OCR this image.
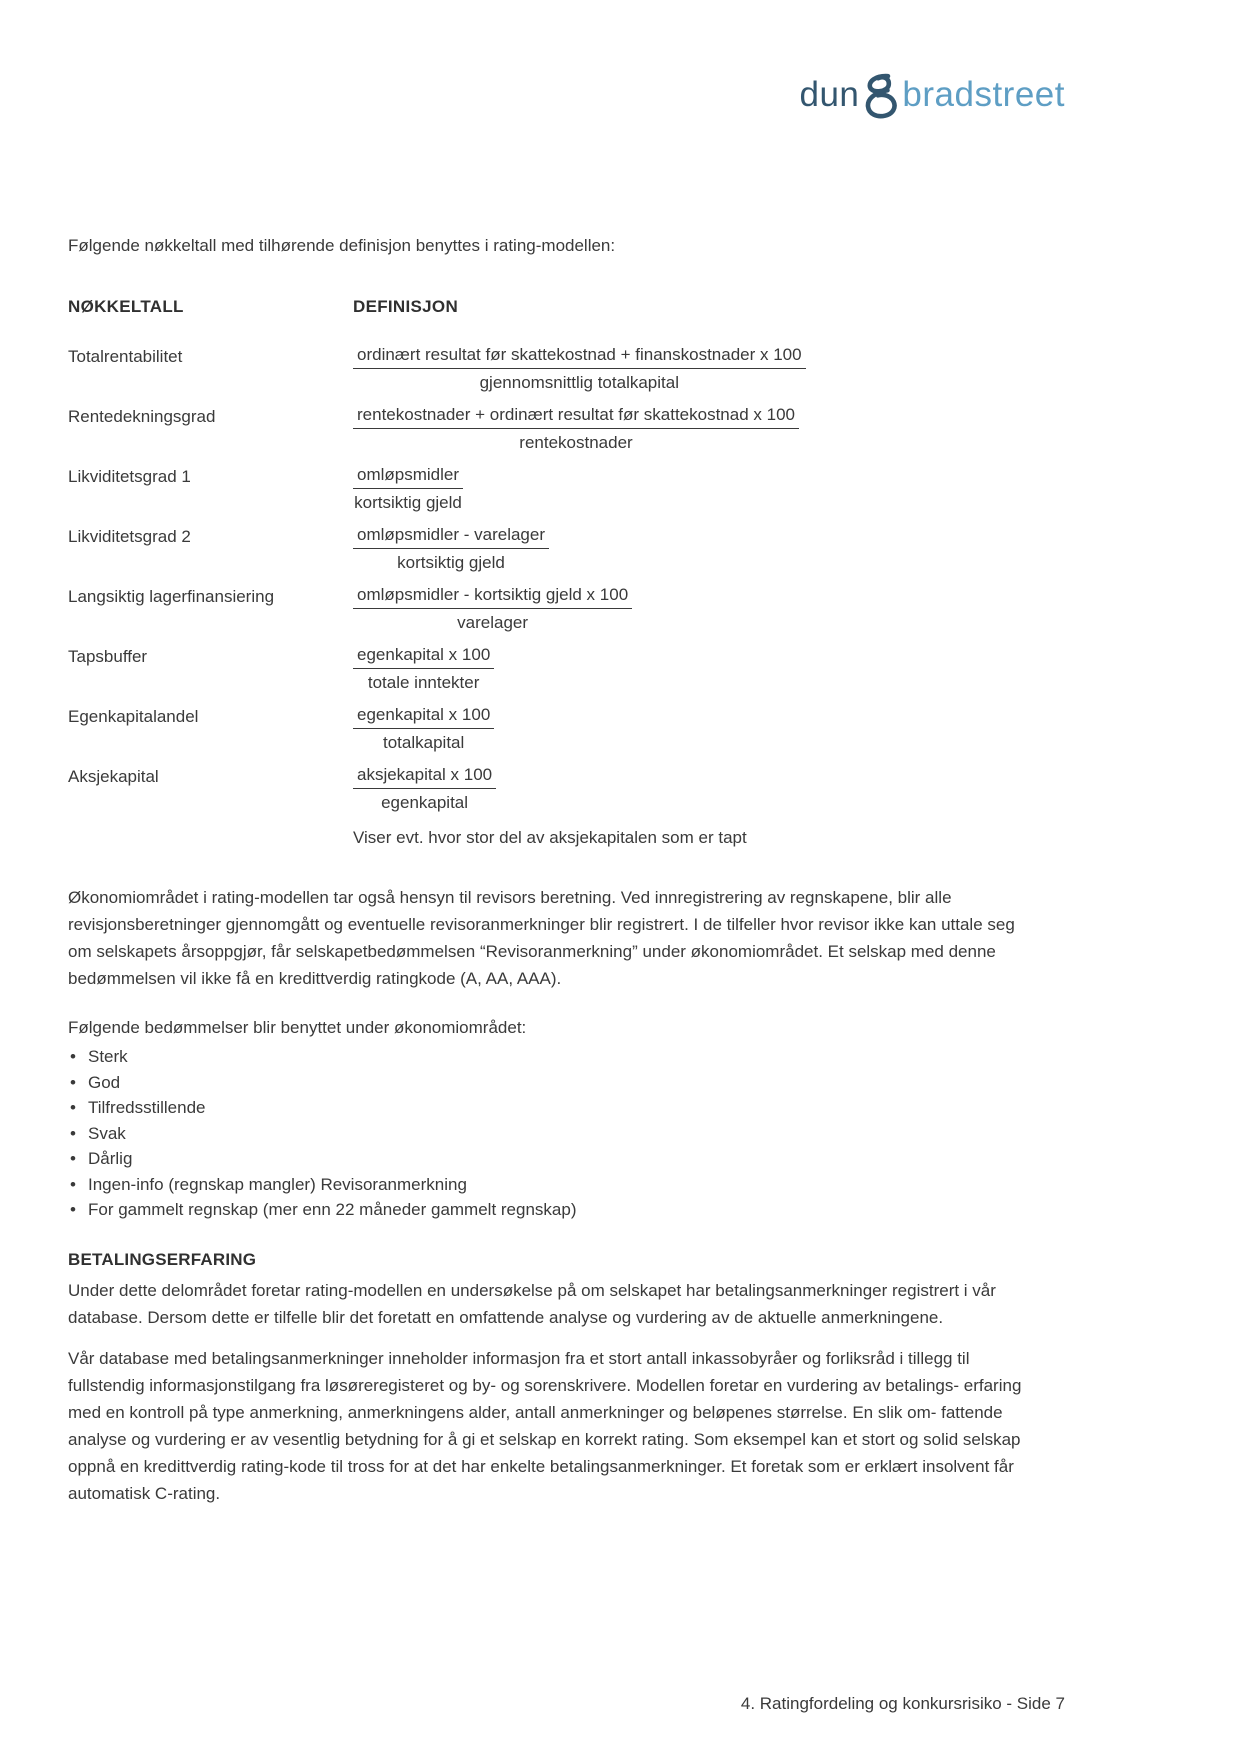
dun bradstreet

Følgende nøkkeltall med tilhørende definisjon benyttes i rating-modellen:

NØKKELTALL	DEFINISJON
Totalrentabilitet	$\frac{\text{ordinært resultat før skattekostnad + finanskostnader x 100}}{\text{gjennomsnittlig totalkapital}}$
Rentedekningsgrad	$\frac{\text{rentekostnader + ordinært resultat før skattekostnad x 100}}{\text{rentekostnader}}$
Likviditetsgrad 1	$\frac{\text{omløpsmidler}}{\text{kortsiktig gjeld}}$
Likviditetsgrad 2	$\frac{\text{omløpsmidler - varelager}}{\text{kortsiktig gjeld}}$
Langsiktig lagerfinansiering	$\frac{\text{omløpsmidler - kortsiktig gjeld x 100}}{\text{varelager}}$
Tapsbuffer	$\frac{\text{egenkapital x 100}}{\text{totale inntekter}}$
Egenkapitalandel	$\frac{\text{egenkapital x 100}}{\text{totalkapital}}$
Aksjekapital	$\frac{\text{aksjekapital x 100}}{\text{egenkapital}}$
Viser evt. hvor stor del av aksjekapitalen som er tapt

Økonomiområdet i rating-modellen tar også hensyn til revisors beretning. Ved innregistrering av regnskapene, blir alle revisjonsberetninger gjennomgått og eventuelle revisoranmerkninger blir registrert. I de tilfeller hvor revisor ikke kan uttale seg om selskapets årsoppgjør, får selskapetbedømmelsen “Revisoranmerkning” under økonomiområdet. Et selskap med denne bedømmelsen vil ikke få en kredittverdig ratingkode (A, AA, AAA).

Følgende bedømmelser blir benyttet under økonomiområdet:

• Sterk
• God
• Tilfredsstillende
• Svak
• Dårlig
• Ingen-info (regnskap mangler) Revisoranmerkning
• For gammelt regnskap (mer enn 22 måneder gammelt regnskap)
BETALINGSERFARING

Under dette delområdet foretar rating-modellen en undersøkelse på om selskapet har betalingsanmerkninger registrert i vår database. Dersom dette er tilfelle blir det foretatt en omfattende analyse og vurdering av de aktuelle anmerkningene.

Vår database med betalingsanmerkninger inneholder informasjon fra et stort antall inkassobyråer og forliksråd i tillegg til fullstendig informasjonstilgang fra løsøreregisteret og by- og sorenskrivere. Modellen foretar en vurdering av betalings- erfaring med en kontroll på type anmerkning, anmerkningens alder, antall anmerkninger og beløpenes størrelse. En slik om- fattende analyse og vurdering er av vesentlig betydning for å gi et selskap en korrekt rating. Som eksempel kan et stort og solid selskap oppnå en kredittverdig rating-kode til tross for at det har enkelte betalingsanmerkninger. Et foretak som er erklært insolvent får automatisk C-rating.

4. Ratingfordeling og konkursrisiko - Side 7
